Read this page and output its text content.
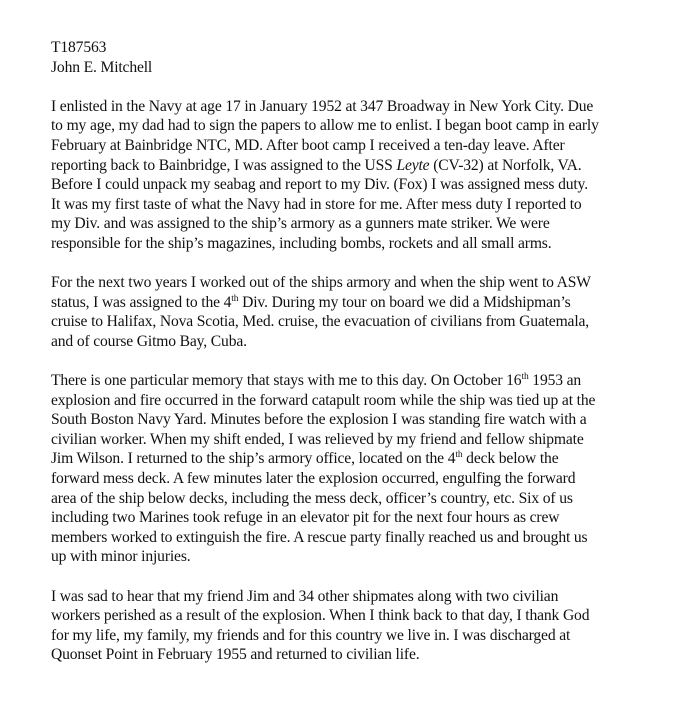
T187563
John E. Mitchell
I enlisted in the Navy at age 17 in January 1952 at 347 Broadway in New York City. Due
to my age, my dad had to sign the papers to allow me to enlist. I began boot camp in early
February at Bainbridge NTC, MD. After boot camp I received a ten-day leave. After
reporting back to Bainbridge, I was assigned to the USS Leyte (CV-32) at Norfolk, VA.
Before I could unpack my seabag and report to my Div. (Fox) I was assigned mess duty.
It was my first taste of what the Navy had in store for me. After mess duty I reported to
my Div. and was assigned to the ship’s armory as a gunners mate striker. We were
responsible for the ship’s magazines, including bombs, rockets and all small arms.
For the next two years I worked out of the ships armory and when the ship went to ASW
status, I was assigned to the 4th Div. During my tour on board we did a Midshipman’s
cruise to Halifax, Nova Scotia, Med. cruise, the evacuation of civilians from Guatemala,
and of course Gitmo Bay, Cuba.
There is one particular memory that stays with me to this day. On October 16th 1953 an
explosion and fire occurred in the forward catapult room while the ship was tied up at the
South Boston Navy Yard. Minutes before the explosion I was standing fire watch with a
civilian worker. When my shift ended, I was relieved by my friend and fellow shipmate
Jim Wilson. I returned to the ship’s armory office, located on the 4th deck below the
forward mess deck. A few minutes later the explosion occurred, engulfing the forward
area of the ship below decks, including the mess deck, officer’s country, etc. Six of us
including two Marines took refuge in an elevator pit for the next four hours as crew
members worked to extinguish the fire. A rescue party finally reached us and brought us
up with minor injuries.
I was sad to hear that my friend Jim and 34 other shipmates along with two civilian
workers perished as a result of the explosion. When I think back to that day, I thank God
for my life, my family, my friends and for this country we live in. I was discharged at
Quonset Point in February 1955 and returned to civilian life.
